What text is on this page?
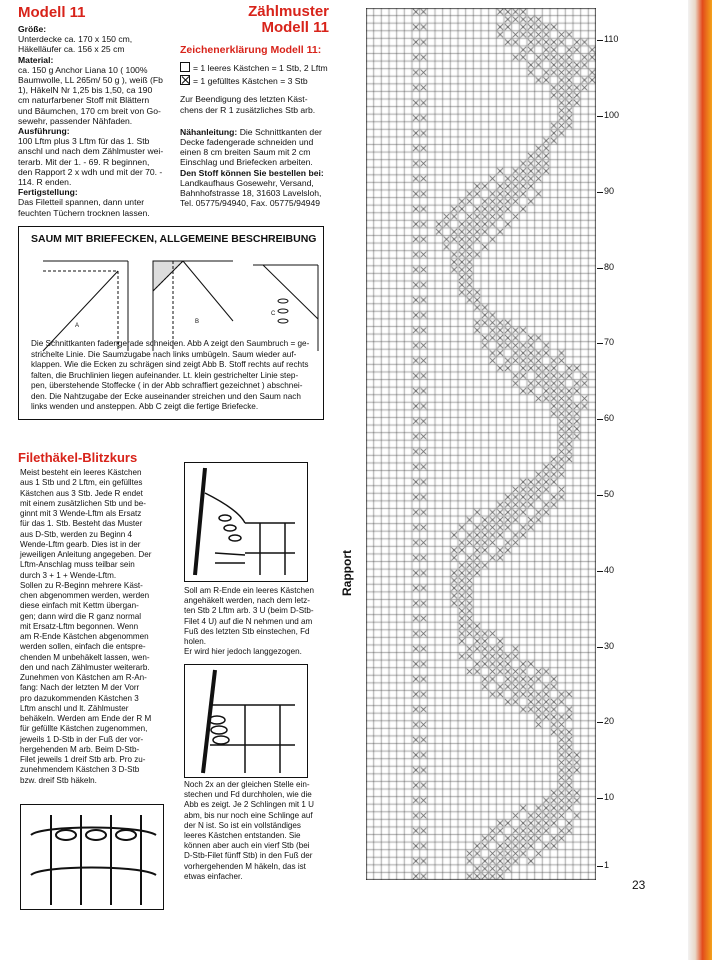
Modell 11
Größe:
Unterdecke ca. 170 x 150 cm,
Häkelläufer ca. 156 x 25 cm
Material:
ca. 150 g Anchor Liana 10 ( 100%
Baumwolle, LL 265m/ 50 g ), weiß (Fb
1), HäkelN Nr 1,25 bis 1,50, ca 190
cm naturfarbener Stoff mit Blättern
und Bäumchen, 170 cm breit von Go-
sewehr, passender Nähfaden.
Ausführung:
100 Lftm plus 3 Lftm für das 1. Stb
anschl und nach dem Zählmuster wei-
terarb. Mit der 1. - 69. R beginnen,
den Rapport 2 x wdh und mit der 70. -
114. R enden.
Fertigstellung:
Das Filetteil spannen, dann unter
feuchten Tüchern trocknen lassen.
Zählmuster
Modell 11
Zeichenerklärung Modell 11:
= 1 leeres Kästchen = 1 Stb, 2 Lftm
= 1 gefülltes Kästchen = 3 Stb
Zur Beendigung des letzten Käst-
chens der R 1 zusätzliches Stb arb.
Nähanleitung: Die Schnittkanten der
Decke fadengerade schneiden und
einen 8 cm breiten Saum mit 2 cm
Einschlag und Briefecken arbeiten.
Den Stoff können Sie bestellen bei:
Landkaufhaus Gosewehr, Versand,
Bahnhofstrasse 18, 31603 Lavelsloh,
Tel. 05775/94940, Fax. 05775/94949
SAUM MIT BRIEFECKEN, ALLGEMEINE BESCHREIBUNG
A
B
C
Die Schnittkanten fadengerade schneiden. Abb A zeigt den Saumbruch = ge-
strichelte Linie. Die Saumzugabe nach links umbügeln. Saum wieder auf-
klappen. Wie die Ecken zu schrägen sind zeigt Abb B. Stoff rechts auf rechts
falten, die Bruchlinien liegen aufeinander. Lt. klein gestrichelter Linie step-
pen, überstehende Stoffecke ( in der Abb schraffiert gezeichnet ) abschnei-
den. Die Nahtzugabe der Ecke auseinander streichen und den Saum nach
links wenden und ansteppen. Abb C zeigt die fertige Briefecke.
Filethäkel-Blitzkurs
Meist besteht ein leeres Kästchen
aus 1 Stb und 2 Lftm, ein gefülltes
Kästchen aus 3 Stb. Jede R endet
mit einem zusätzlichen Stb und be-
ginnt mit 3 Wende-Lftm als Ersatz
für das 1. Stb. Besteht das Muster
aus D-Stb, werden zu Beginn 4
Wende-Lftm gearb. Dies ist in der
jeweiligen Anleitung angegeben. Der
Lftm-Anschlag muss teilbar sein
durch 3 + 1 + Wende-Lftm.
Sollen zu R-Beginn mehrere Käst-
chen abgenommen werden, werden
diese einfach mit Kettm übergan-
gen; dann wird die R ganz normal
mit Ersatz-Lftm begonnen. Wenn
am R-Ende Kästchen abgenommen
werden sollen, einfach die entspre-
chenden M unbehäkelt lassen, wen-
den und nach Zählmuster weiterarb.
Zunehmen von Kästchen am R-An-
fang: Nach der letzten M der Vorr
pro dazukommenden Kästchen 3
Lftm anschl und lt. Zählmuster
behäkeln. Werden am Ende der R M
für gefüllte Kästchen zugenommen,
jeweils 1 D-Stb in der Fuß der vor-
hergehenden M arb. Beim D-Stb-
Filet jeweils 1 dreif Stb arb. Pro zu-
zunehmendem Kästchen 3 D-Stb
bzw. dreif Stb häkeln.
Soll am R-Ende ein leeres Kästchen
angehäkelt werden, nach dem letz-
ten Stb 2 Lftm arb. 3 U (beim D-Stb-
Filet 4 U) auf die N nehmen und am
Fuß des letzten Stb einstechen, Fd
holen.
Er wird hier jedoch langgezogen.
Noch 2x an der gleichen Stelle ein-
stechen und Fd durchholen, wie die
Abb es zeigt. Je 2 Schlingen mit 1 U
abm, bis nur noch eine Schlinge auf
der N ist. So ist ein vollständiges
leeres Kästchen entstanden. Sie
können aber auch ein vierf Stb (bei
D-Stb-Filet fünff Stb) in den Fuß der
vorhergehenden M häkeln, das ist
etwas einfacher.
Rapport
110
100
90
80
70
60
50
40
30
20
10
1
23
